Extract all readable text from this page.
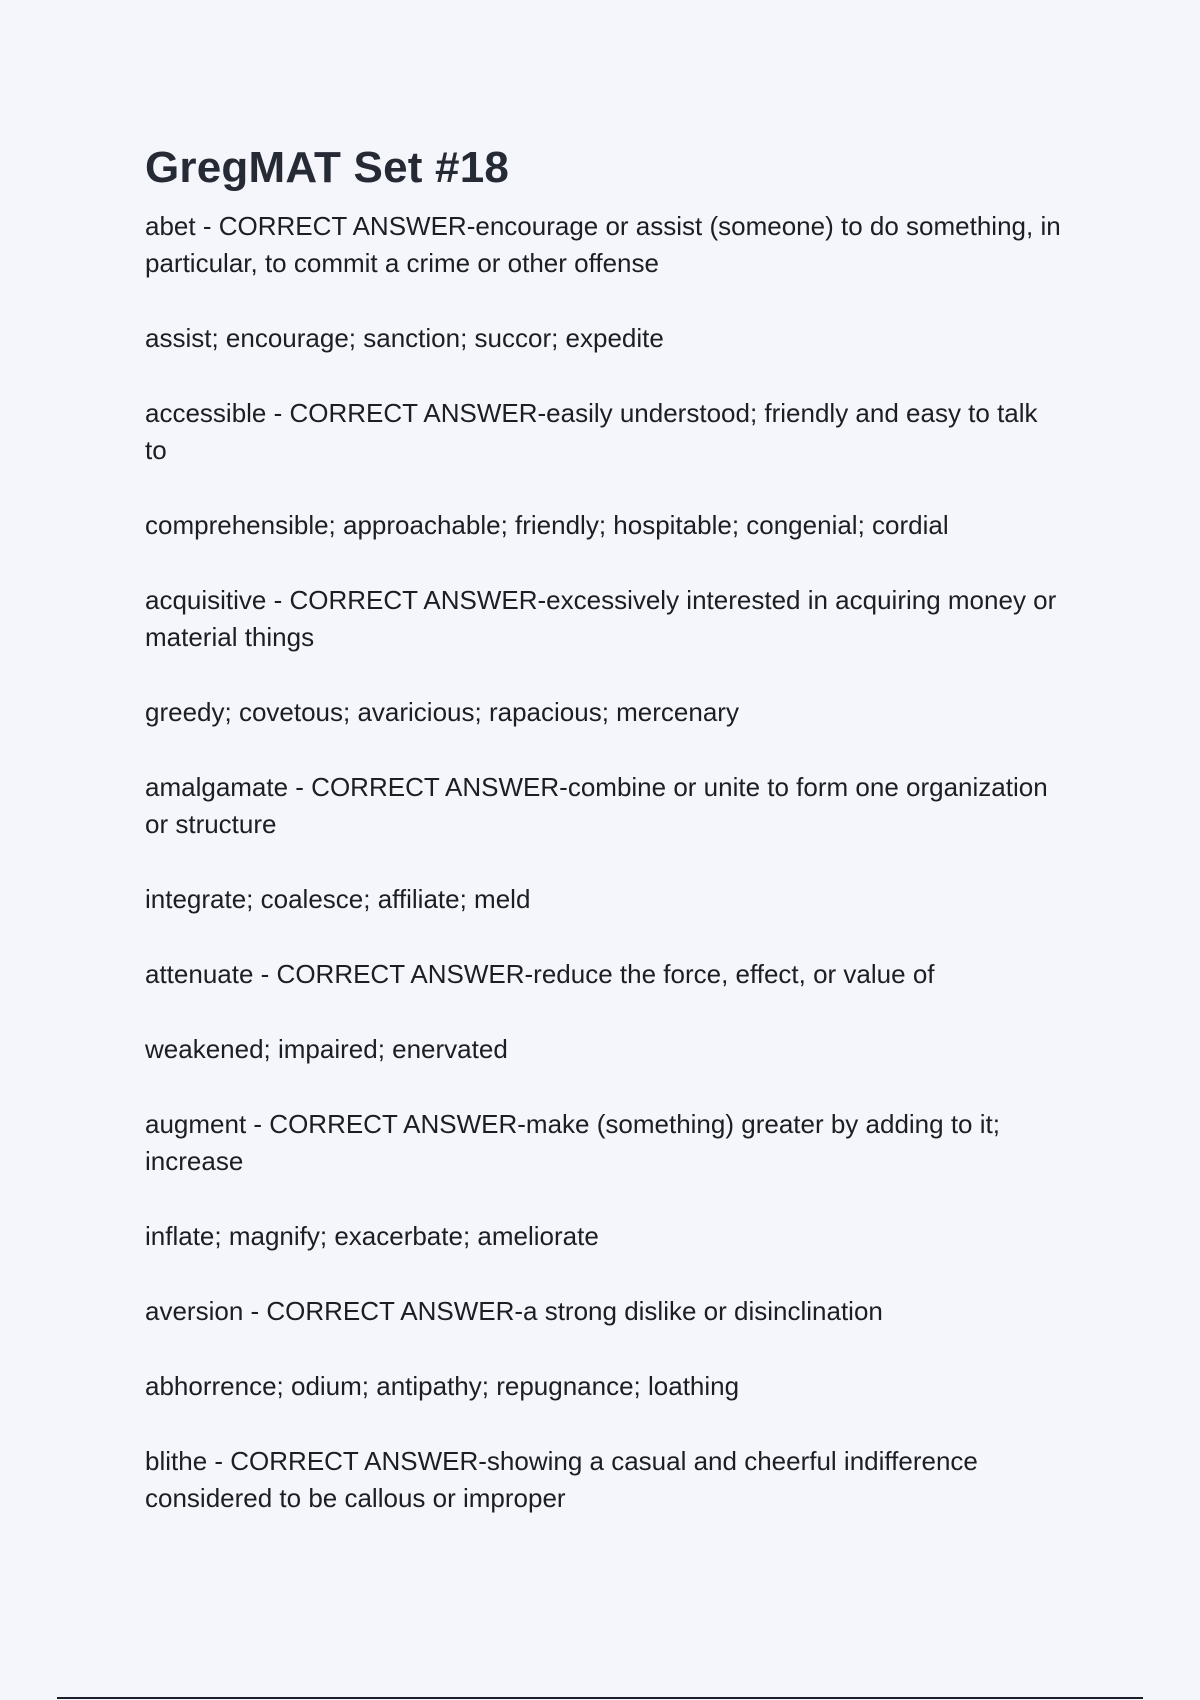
GregMAT Set #18

abet - CORRECT ANSWER-encourage or assist (someone) to do something, in particular, to commit a crime or other offense

assist; encourage; sanction; succor; expedite

accessible - CORRECT ANSWER-easily understood; friendly and easy to talk to

comprehensible; approachable; friendly; hospitable; congenial; cordial

acquisitive - CORRECT ANSWER-excessively interested in acquiring money or material things

greedy; covetous; avaricious; rapacious; mercenary

amalgamate - CORRECT ANSWER-combine or unite to form one organization or structure

integrate; coalesce; affiliate; meld

attenuate - CORRECT ANSWER-reduce the force, effect, or value of

weakened; impaired; enervated

augment - CORRECT ANSWER-make (something) greater by adding to it; increase

inflate; magnify; exacerbate; ameliorate

aversion - CORRECT ANSWER-a strong dislike or disinclination

abhorrence; odium; antipathy; repugnance; loathing

blithe - CORRECT ANSWER-showing a casual and cheerful indifference considered to be callous or improper
